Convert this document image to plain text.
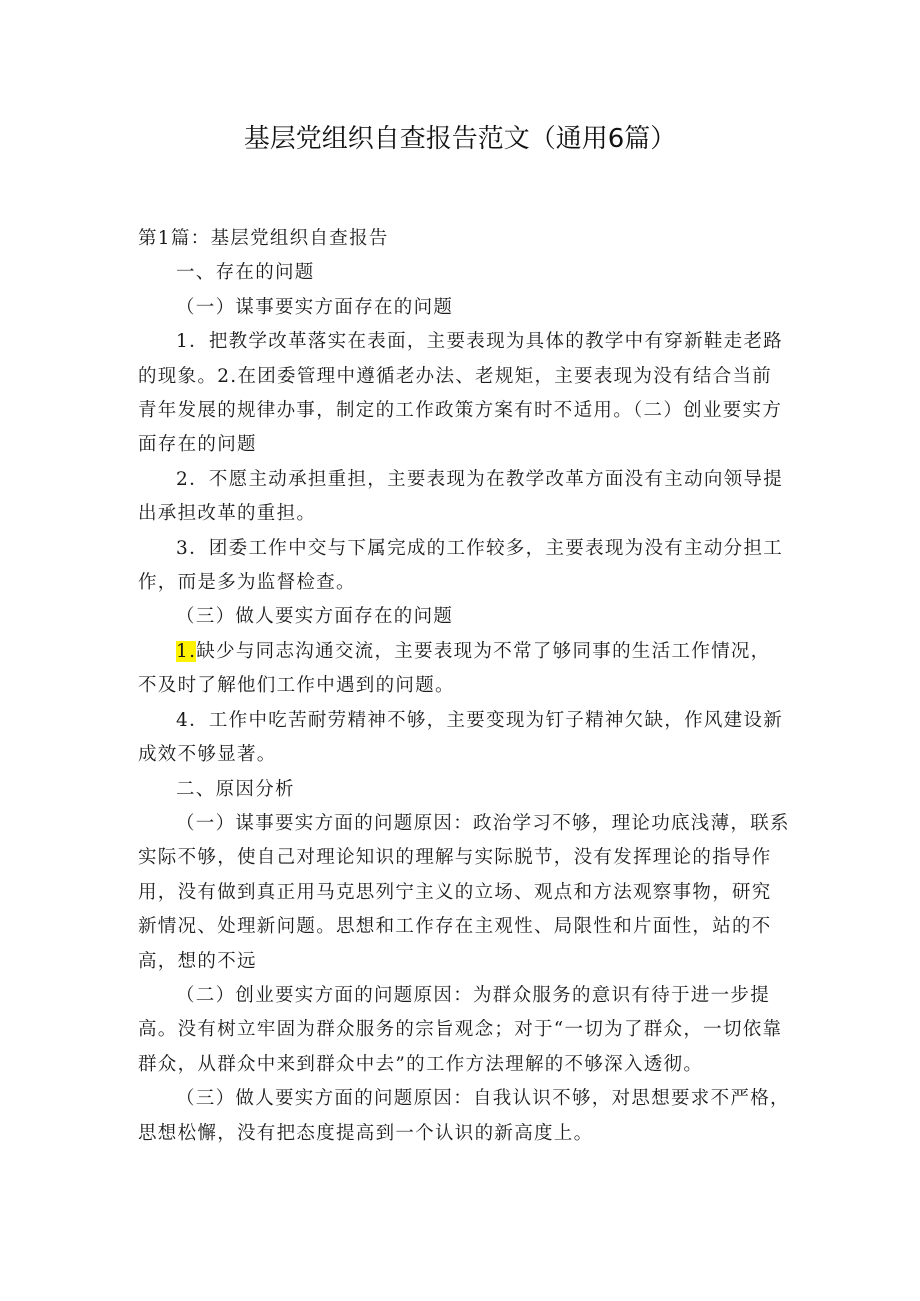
基层党组织自查报告范文（通用6篇）

第1篇：基层党组织自查报告

一、存在的问题

（一）谋事要实方面存在的问题

1．把教学改革落实在表面，主要表现为具体的教学中有穿新鞋走老路的现象。2.在团委管理中遵循老办法、老规矩，主要表现为没有结合当前青年发展的规律办事，制定的工作政策方案有时不适用。（二）创业要实方面存在的问题

2．不愿主动承担重担，主要表现为在教学改革方面没有主动向领导提出承担改革的重担。

3．团委工作中交与下属完成的工作较多，主要表现为没有主动分担工作，而是多为监督检查。

（三）做人要实方面存在的问题

1.缺少与同志沟通交流，主要表现为不常了够同事的生活工作情况，不及时了解他们工作中遇到的问题。

4．工作中吃苦耐劳精神不够，主要变现为钉子精神欠缺，作风建设新成效不够显著。

二、原因分析

（一）谋事要实方面的问题原因：政治学习不够，理论功底浅薄，联系实际不够，使自己对理论知识的理解与实际脱节，没有发挥理论的指导作用，没有做到真正用马克思列宁主义的立场、观点和方法观察事物，研究新情况、处理新问题。思想和工作存在主观性、局限性和片面性，站的不高，想的不远

（二）创业要实方面的问题原因：为群众服务的意识有待于进一步提高。没有树立牢固为群众服务的宗旨观念；对于“一切为了群众，一切依靠群众，从群众中来到群众中去”的工作方法理解的不够深入透彻。

（三）做人要实方面的问题原因：自我认识不够，对思想要求不严格，思想松懈，没有把态度提高到一个认识的新高度上。
